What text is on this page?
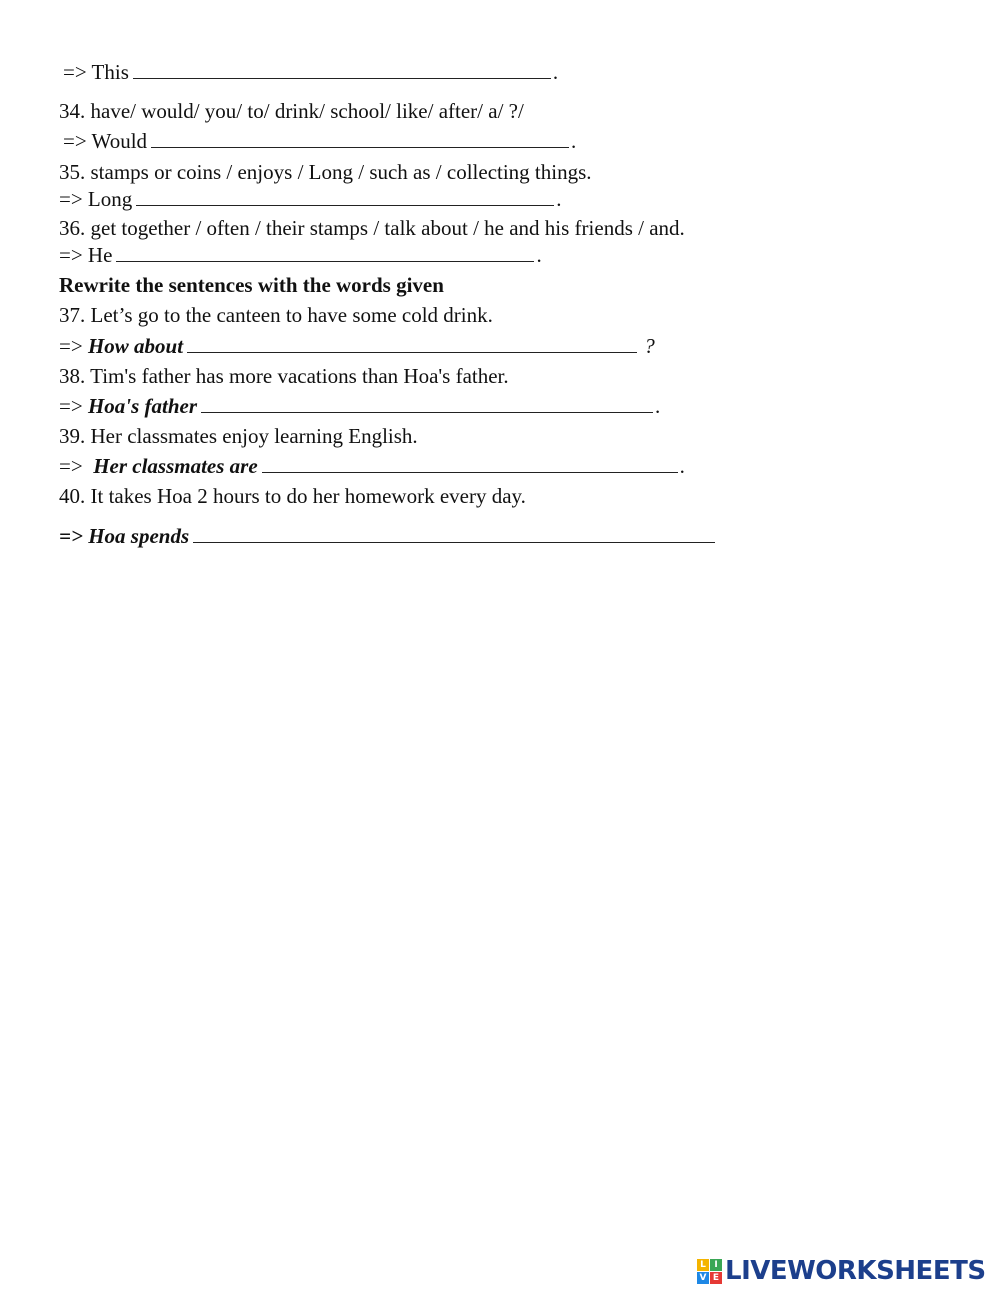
=> This	.
34. have/ would/ you/ to/ drink/ school/ like/ after/ a/ ?/
=> Would	.
35. stamps or coins / enjoys / Long / such as / collecting things.
=> Long	.
36. get together / often / their stamps / talk about / he and his friends / and.
=> He	.
Rewrite the sentences with the words given
37. Let’s go to the canteen to have some cold drink.
=> How about	?
38. Tim's father has more vacations than Hoa's father.
=> Hoa's father	.
39. Her classmates enjoy learning English.
=> Her classmates are	.
40. It takes Hoa 2 hours to do her homework every day.
=> Hoa spends
L I
V E LIVEWORKSHEETS
